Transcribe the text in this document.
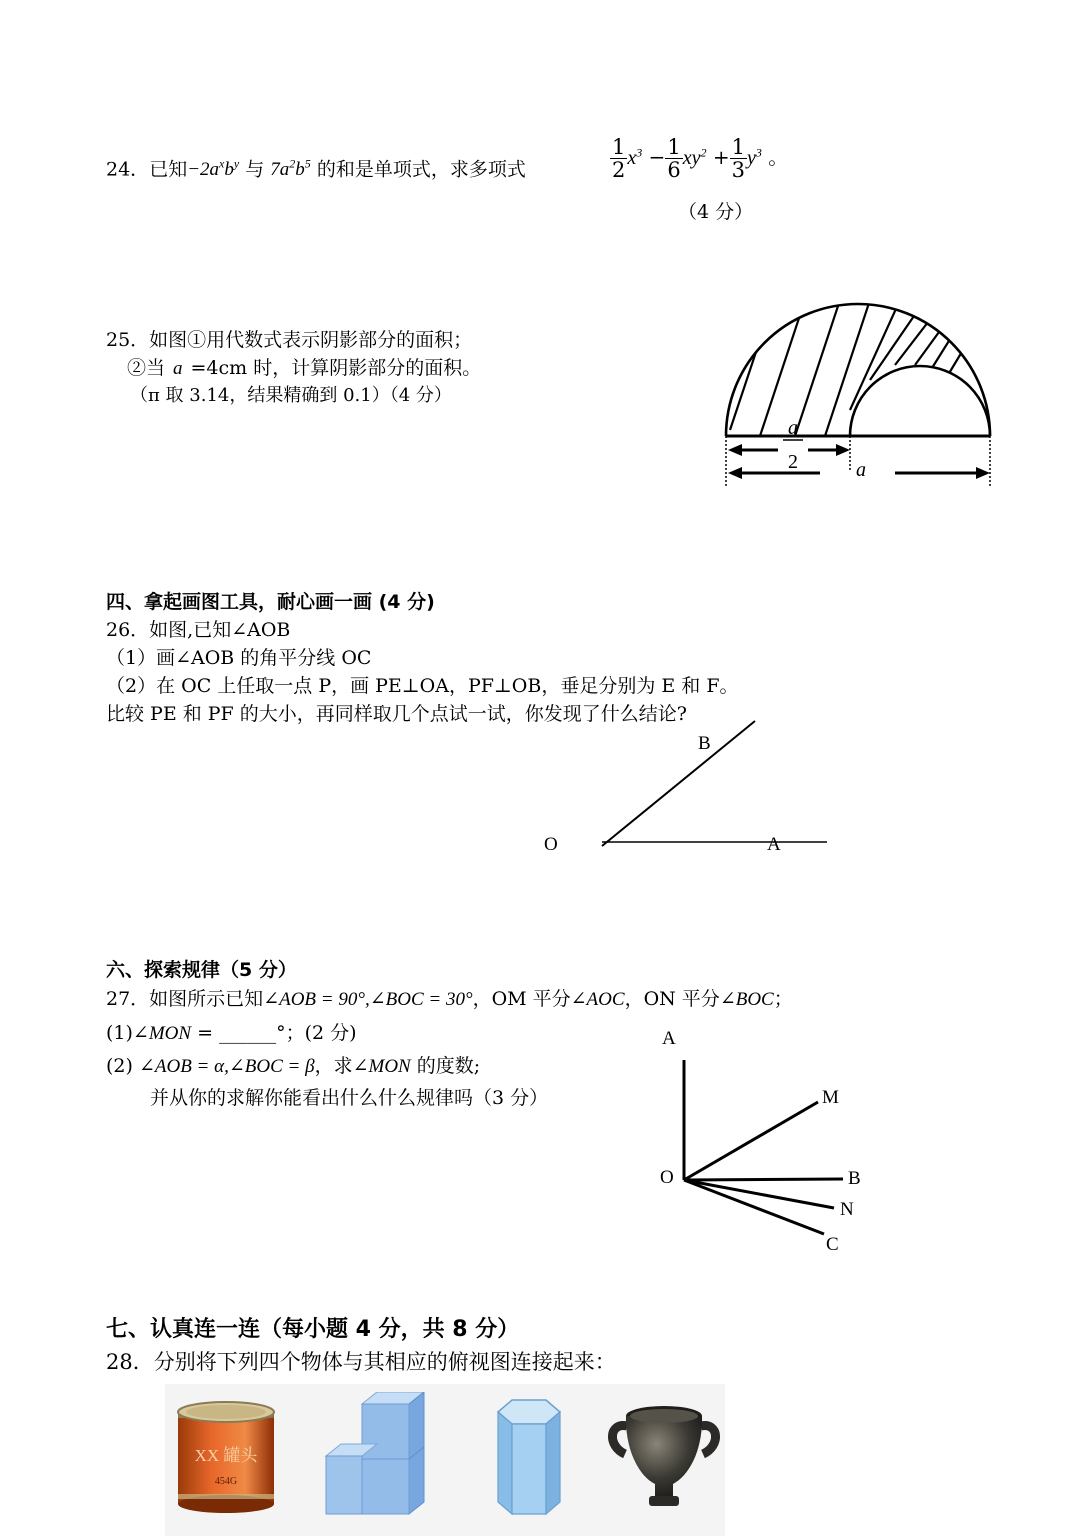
24．已知$-2a^xb^y$ 与 $7a^2b^5$ 的和是单项式，求多项式	$\frac{1}{2} x^3 - \frac{1}{6} xy^2 + \frac{1}{3} y^3$ 。
（4 分）
25．如图①用代数式表示阴影部分的面积；
②当 a =4cm 时，计算阴影部分的面积。
（π 取 3.14，结果精确到 0.1）（4 分）
a
2	a
四、拿起画图工具，耐心画一画 (4 分)
26．如图,已知∠AOB
（1）画∠AOB 的角平分线 OC
（2）在 OC 上任取一点 P，画 PE⊥OA，PF⊥OB，垂足分别为 E 和 F。
比较 PE 和 PF 的大小，再同样取几个点试一试，你发现了什么结论?
B
O	A
六、探索规律（5 分）
27．如图所示已知∠AOB = 90°,∠BOC = 30°，OM 平分∠AOC，ON 平分∠BOC；
(1)∠MON = ______°；(2 分)
(2) ∠AOB = α,∠BOC = β，求∠MON 的度数;
并从你的求解你能看出什么什么规律吗（3 分）
A
M
O	B
N
C
七、认真连一连（每小题 4 分，共 8 分）
28．分别将下列四个物体与其相应的俯视图连接起来：
XX 罐头
454G
